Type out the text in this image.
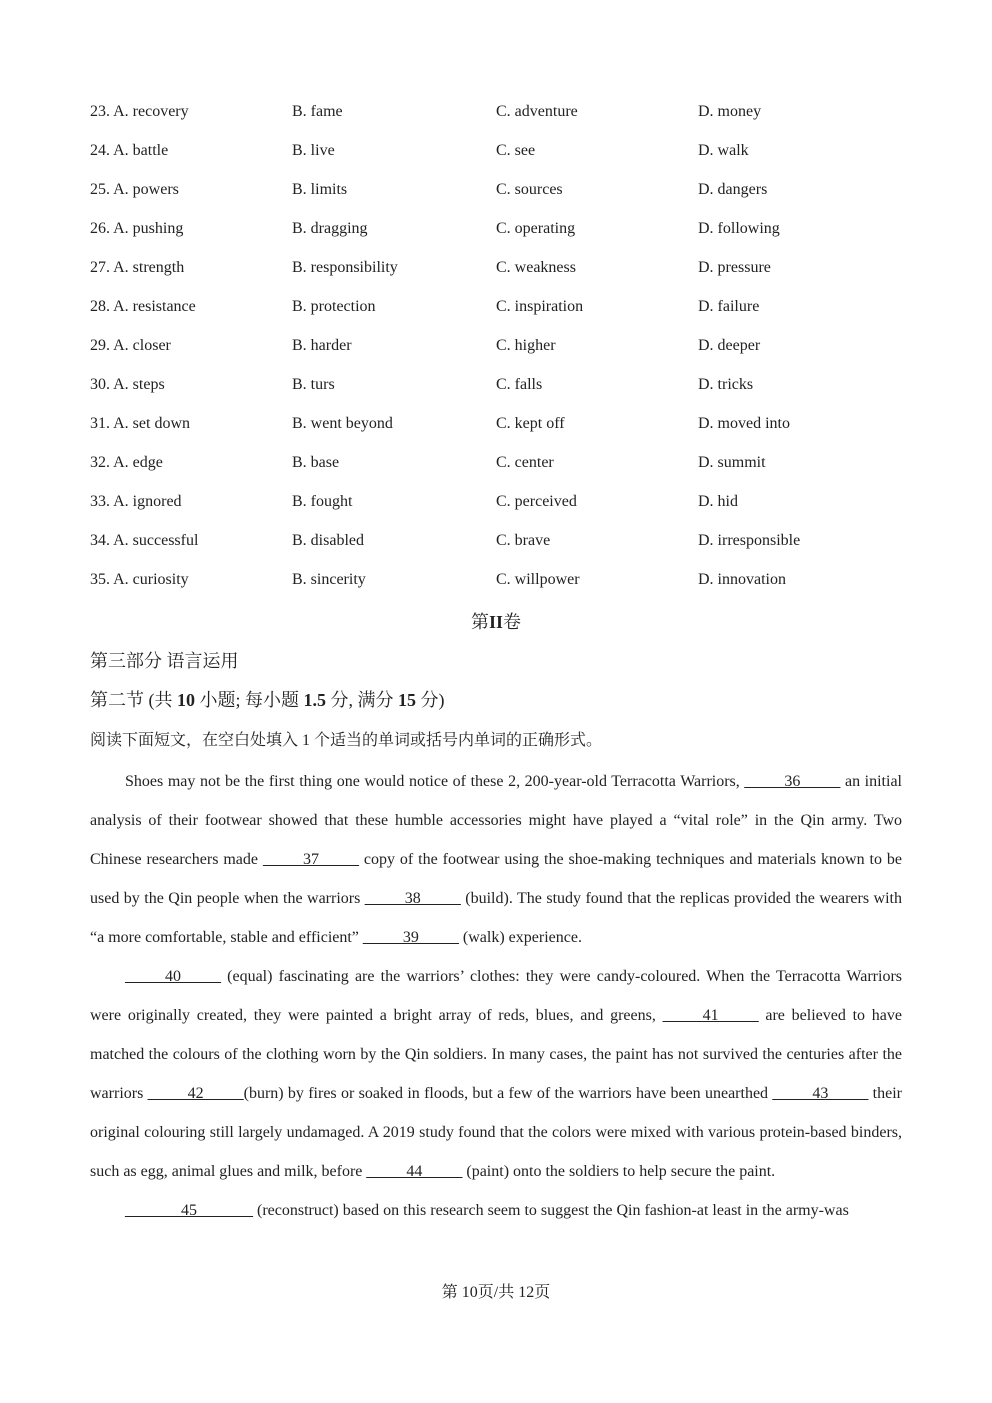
23. A. recovery	B. fame	C. adventure	D. money
24. A. battle	B. live	C. see	D. walk
25. A. powers	B. limits	C. sources	D. dangers
26. A. pushing	B. dragging	C. operating	D. following
27. A. strength	B. responsibility	C. weakness	D. pressure
28. A. resistance	B. protection	C. inspiration	D. failure
29. A. closer	B. harder	C. higher	D. deeper
30. A. steps	B. turs	C. falls	D. tricks
31. A. set down	B. went beyond	C. kept off	D. moved into
32. A. edge	B. base	C. center	D. summit
33. A. ignored	B. fought	C. perceived	D. hid
34. A. successful	B. disabled	C. brave	D. irresponsible
35. A. curiosity	B. sincerity	C. willpower	D. innovation
第II卷
第三部分 语言运用
第二节 (共 10 小题; 每小题 1.5 分, 满分 15 分)
阅读下面短文，在空白处填入 1 个适当的单词或括号内单词的正确形式。

Shoes may not be the first thing one would notice of these 2, 200-year-old Terracotta Warriors, _____36_____ an initial analysis of their footwear showed that these humble accessories might have played a “vital role” in the Qin army. Two Chinese researchers made _____37_____ copy of the footwear using the shoe-making techniques and materials known to be used by the Qin people when the warriors _____38_____ (build). The study found that the replicas provided the wearers with “a more comfortable, stable and efficient” _____39_____ (walk) experience.

_____40_____ (equal) fascinating are the warriors’ clothes: they were candy-coloured. When the Terracotta Warriors were originally created, they were painted a bright array of reds, blues, and greens, _____41_____ are believed to have matched the colours of the clothing worn by the Qin soldiers. In many cases, the paint has not survived the centuries after the warriors _____42_____(burn) by fires or soaked in floods, but a few of the warriors have been unearthed _____43_____ their original colouring still largely undamaged. A 2019 study found that the colors were mixed with various protein-based binders, such as egg, animal glues and milk, before _____44_____ (paint) onto the soldiers to help secure the paint.

_______45_______ (reconstruct) based on this research seem to suggest the Qin fashion-at least in the army-was

第 10页/共 12页
